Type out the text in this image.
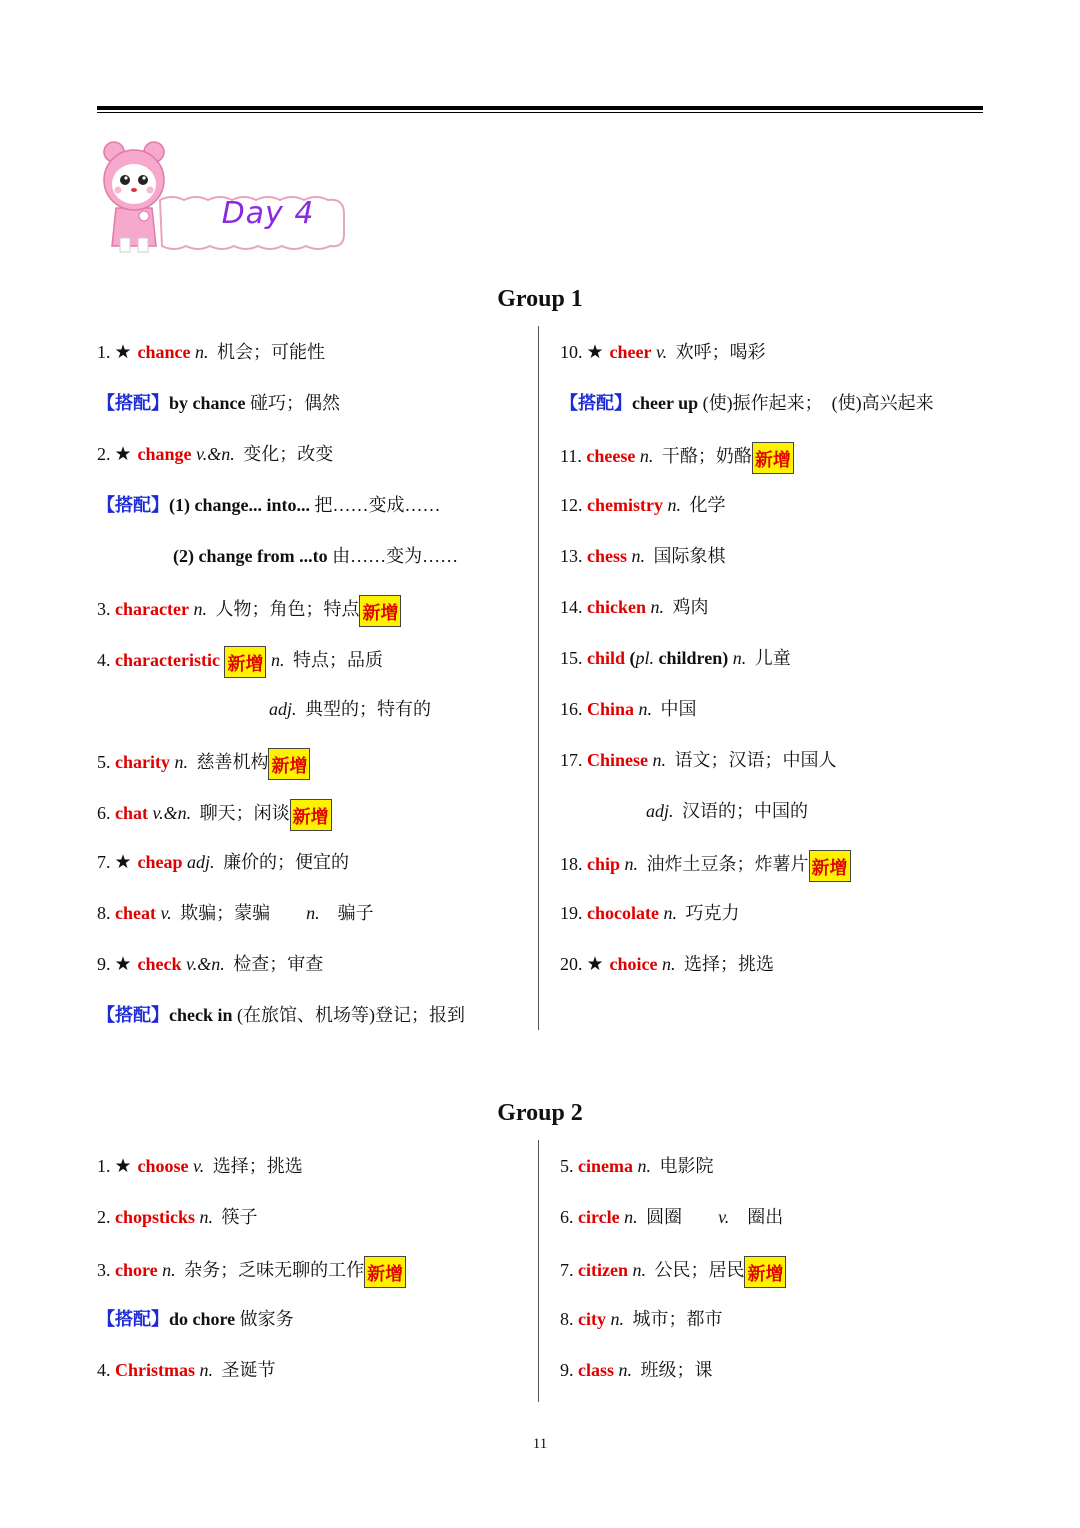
Day 4
Group 1
1. ★ chance n. 机会；可能性
【搭配】by chance 碰巧；偶然
2. ★ change v.&n. 变化；改变
【搭配】(1) change... into... 把……变成……
(2) change from ...to 由……变为……
3. character n. 人物；角色；特点 新增
4. characteristic 新增 n. 特点；品质
adj. 典型的；特有的
5. charity n. 慈善机构 新增
6. chat v.&n. 聊天；闲谈 新增
7. ★ cheap adj. 廉价的；便宜的
8. cheat v. 欺骗；蒙骗　　 n.　 骗子
9. ★ check v.&n. 检查；审查
【搭配】check in (在旅馆、机场等)登记；报到
10. ★ cheer v. 欢呼；喝彩
【搭配】cheer up (使)振作起来；　(使)高兴起来
11. cheese n. 干酪；奶酪 新增
12. chemistry n. 化学
13. chess n. 国际象棋
14. chicken n. 鸡肉
15. child (pl. children) n. 儿童
16. China n. 中国
17. Chinese n. 语文；汉语；中国人
adj. 汉语的；中国的
18. chip n. 油炸土豆条；炸薯片 新增
19. chocolate n. 巧克力
20. ★ choice n. 选择；挑选
Group 2
1. ★ choose v. 选择；挑选
2. chopsticks n. 筷子
3. chore n. 杂务；乏味无聊的工作 新增
【搭配】do chore 做家务
4. Christmas n. 圣诞节
5. cinema n. 电影院
6. circle n. 圆圈　　 v.　 圈出
7. citizen n. 公民；居民 新增
8. city n. 城市；都市
9. class n. 班级；课
11
